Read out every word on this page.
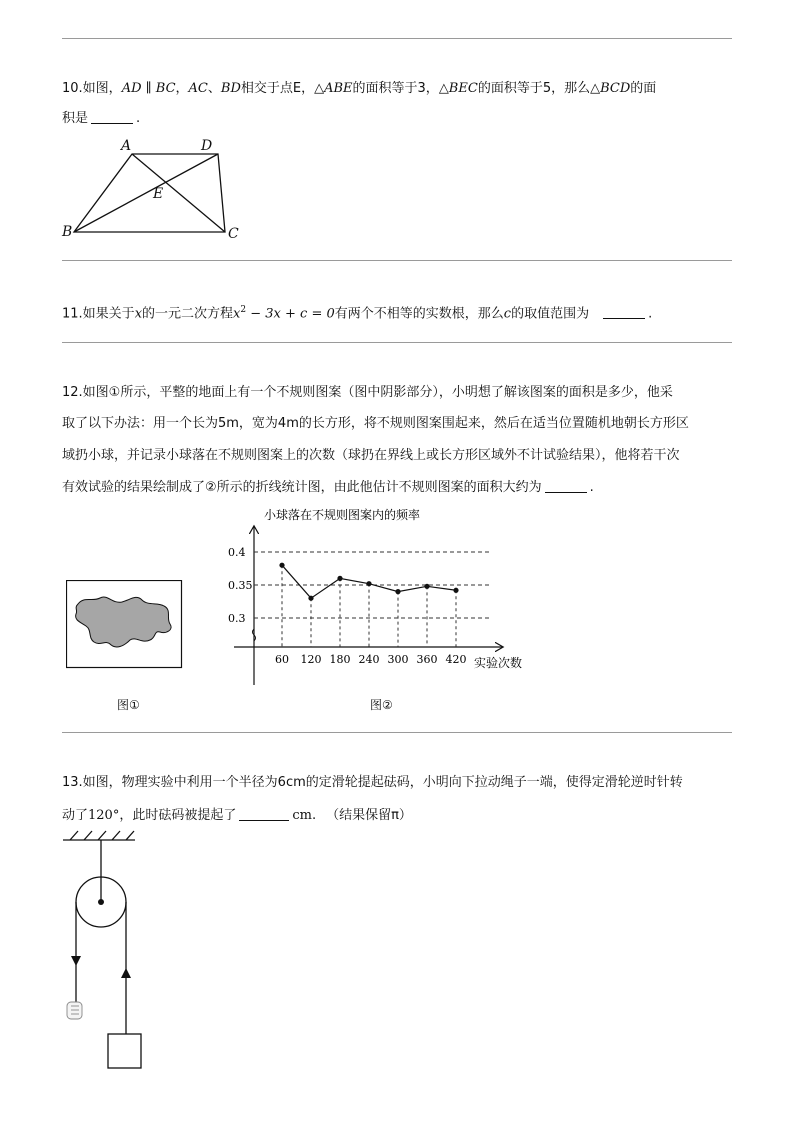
10.如图，AD ∥ BC，AC、BD相交于点E，△ABE的面积等于3，△BEC的面积等于5，那么△BCD的面
积是	.
A	D
E
B	C
11.如果关于x的一元二次方程$x^2 - 3x + c = 0$有两个不相等的实数根，那么c的取值范围为	.
12.如图①所示，平整的地面上有一个不规则图案（图中阴影部分），小明想了解该图案的面积是多少，他采
取了以下办法：用一个长为5m，宽为4m的长方形，将不规则图案围起来，然后在适当位置随机地朝长方形区
域扔小球，并记录小球落在不规则图案上的次数（球扔在界线上或长方形区域外不计试验结果），他将若干次
有效试验的结果绘制成了②所示的折线统计图，由此他估计不规则图案的面积大约为	.
图①
小球落在不规则图案内的频率
实验次数
0.3
0.35
0.4
60 120 180 240 300 360 420
图②
13.如图，物理实验中利用一个半径为6cm的定滑轮提起砝码，小明向下拉动绳子一端，使得定滑轮逆时针转
动了120°，此时砝码被提起了	cm. （结果保留π）
